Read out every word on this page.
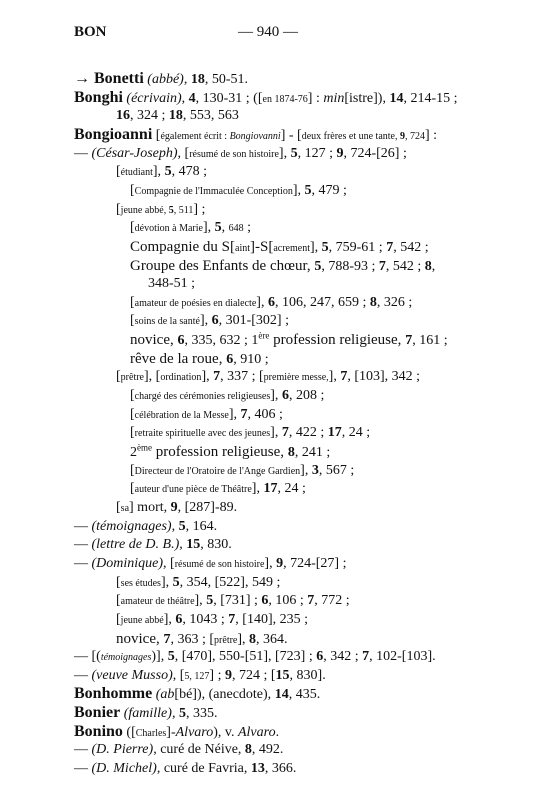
BON	— 940 —
→ Bonetti (abbé), 18, 50-51.
Bonghi (écrivain), 4, 130-31 ; ([en 1874-76] : min[istre]), 14, 214-15 ;
16, 324 ; 18, 553, 563
Bongioanni [également écrit : Bongiovanni] - [deux frères et une tante, 9, 724] :
— (César-Joseph), [résumé de son histoire], 5, 127 ; 9, 724-[26] ;
[étudiant], 5, 478 ;
[Compagnie de l'Immaculée Conception], 5, 479 ;
[jeune abbé, 5, 511] ;
[dévotion à Marie], 5, 648 ;
Compagnie du S[aint]-S[acrement], 5, 759-61 ; 7, 542 ;
Groupe des Enfants de chœur, 5, 788-93 ; 7, 542 ; 8,
348-51 ;
[amateur de poésies en dialecte], 6, 106, 247, 659 ; 8, 326 ;
[soins de la santé], 6, 301-[302] ;
novice, 6, 335, 632 ; 1ère profession religieuse, 7, 161 ;
rêve de la roue, 6, 910 ;
[prêtre], [ordination], 7, 337 ; [première messe,], 7, [103], 342 ;
[chargé des cérémonies religieuses], 6, 208 ;
[célébration de la Messe], 7, 406 ;
[retraite spirituelle avec des jeunes], 7, 422 ; 17, 24 ;
2ème profession religieuse, 8, 241 ;
[Directeur de l'Oratoire de l'Ange Gardien], 3, 567 ;
[auteur d'une pièce de Théâtre], 17, 24 ;
[sa] mort, 9, [287]-89.
— (témoignages), 5, 164.
— (lettre de D. B.), 15, 830.
— (Dominique), [résumé de son histoire], 9, 724-[27] ;
[ses études], 5, 354, [522], 549 ;
[amateur de théâtre], 5, [731] ; 6, 106 ; 7, 772 ;
[jeune abbé], 6, 1043 ; 7, [140], 235 ;
novice, 7, 363 ; [prêtre], 8, 364.
— [(témoignages)], 5, [470], 550-[51], [723] ; 6, 342 ; 7, 102-[103].
— (veuve Musso), [5, 127] ; 9, 724 ; [15, 830].
Bonhomme (ab[bé]), (anecdote), 14, 435.
Bonier (famille), 5, 335.
Bonino ([Charles]-Alvaro), v. Alvaro.
— (D. Pierre), curé de Néive, 8, 492.
— (D. Michel), curé de Favria, 13, 366.
